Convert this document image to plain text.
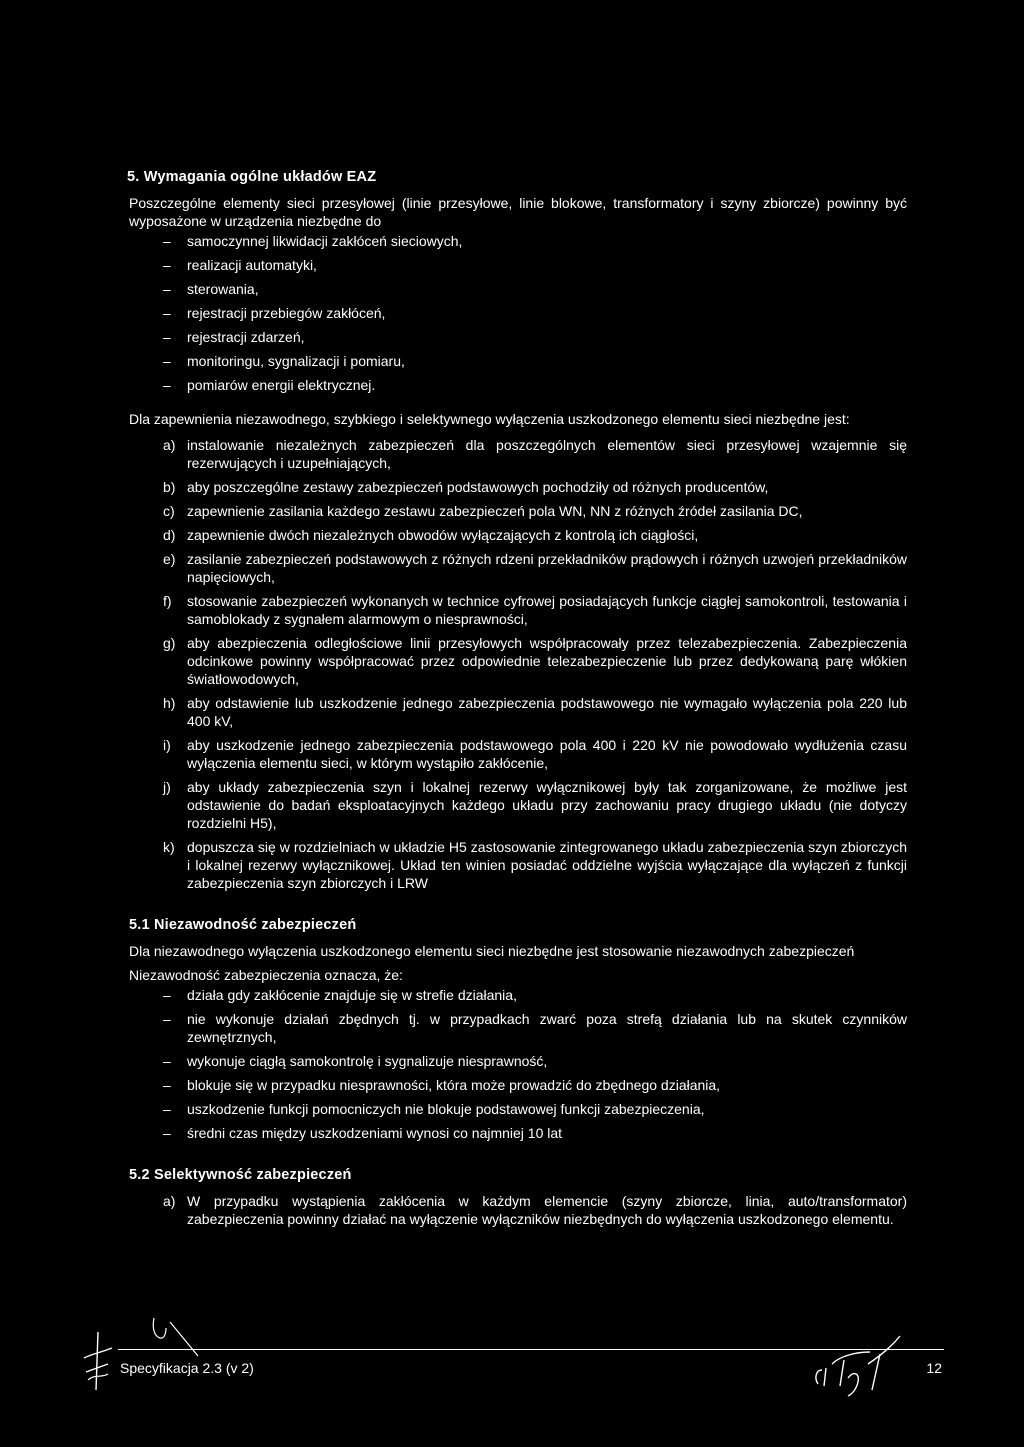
5. Wymagania ogólne układów EAZ

Poszczególne elementy sieci przesyłowej (linie przesyłowe, linie blokowe, transformatory i szyny zbiorcze) powinny być wyposażone w urządzenia niezbędne do

– samoczynnej likwidacji zakłóceń sieciowych,
– realizacji automatyki,
– sterowania,
– rejestracji przebiegów zakłóceń,
– rejestracji zdarzeń,
– monitoringu, sygnalizacji i pomiaru,
– pomiarów energii elektrycznej.

Dla zapewnienia niezawodnego, szybkiego i selektywnego wyłączenia uszkodzonego elementu sieci niezbędne jest:

a) instalowanie niezależnych zabezpieczeń dla poszczególnych elementów sieci przesyłowej wzajemnie się rezerwujących i uzupełniających,
b) aby poszczególne zestawy zabezpieczeń podstawowych pochodziły od różnych producentów,
c) zapewnienie zasilania każdego zestawu zabezpieczeń pola WN, NN z różnych źródeł zasilania DC,
d) zapewnienie dwóch niezależnych obwodów wyłączających z kontrolą ich ciągłości,
e) zasilanie zabezpieczeń podstawowych z różnych rdzeni przekładników prądowych i różnych uzwojeń przekładników napięciowych,
f) stosowanie zabezpieczeń wykonanych w technice cyfrowej posiadających funkcje ciągłej samokontroli, testowania i samoblokady z sygnałem alarmowym o niesprawności,
g) aby abezpieczenia odległościowe linii przesyłowych współpracowały przez telezabezpieczenia. Zabezpieczenia odcinkowe powinny współpracować przez odpowiednie telezabezpieczenie lub przez dedykowaną parę włókien światłowodowych,
h) aby odstawienie lub uszkodzenie jednego zabezpieczenia podstawowego nie wymagało wyłączenia pola 220 lub 400 kV,
i) aby uszkodzenie jednego zabezpieczenia podstawowego pola 400 i 220 kV nie powodowało wydłużenia czasu wyłączenia elementu sieci, w którym wystąpiło zakłócenie,
j) aby układy zabezpieczenia szyn i lokalnej rezerwy wyłącznikowej były tak zorganizowane, że możliwe jest odstawienie do badań eksploatacyjnych każdego układu przy zachowaniu pracy drugiego układu (nie dotyczy rozdzielni H5),
k) dopuszcza się w rozdzielniach w układzie H5 zastosowanie zintegrowanego układu zabezpieczenia szyn zbiorczych i lokalnej rezerwy wyłącznikowej. Układ ten winien posiadać oddzielne wyjścia wyłączające dla wyłączeń z funkcji zabezpieczenia szyn zbiorczych i LRW
5.1 Niezawodność zabezpieczeń

Dla niezawodnego wyłączenia uszkodzonego elementu sieci niezbędne jest stosowanie niezawodnych zabezpieczeń

Niezawodność zabezpieczenia oznacza, że:

– działa gdy zakłócenie znajduje się w strefie działania,
– nie wykonuje działań zbędnych tj. w przypadkach zwarć poza strefą działania lub na skutek czynników zewnętrznych,
– wykonuje ciągłą samokontrolę i sygnalizuje niesprawność,
– blokuje się w przypadku niesprawności, która może prowadzić do zbędnego działania,
– uszkodzenie funkcji pomocniczych nie blokuje podstawowej funkcji zabezpieczenia,
– średni czas między uszkodzeniami wynosi co najmniej 10 lat
5.2 Selektywność zabezpieczeń
a) W przypadku wystąpienia zakłócenia w każdym elemencie (szyny zbiorcze, linia, auto/transformator) zabezpieczenia powinny działać na wyłączenie wyłączników niezbędnych do wyłączenia uszkodzonego elementu.
Specyfikacja 2.3 (v 2)	12
